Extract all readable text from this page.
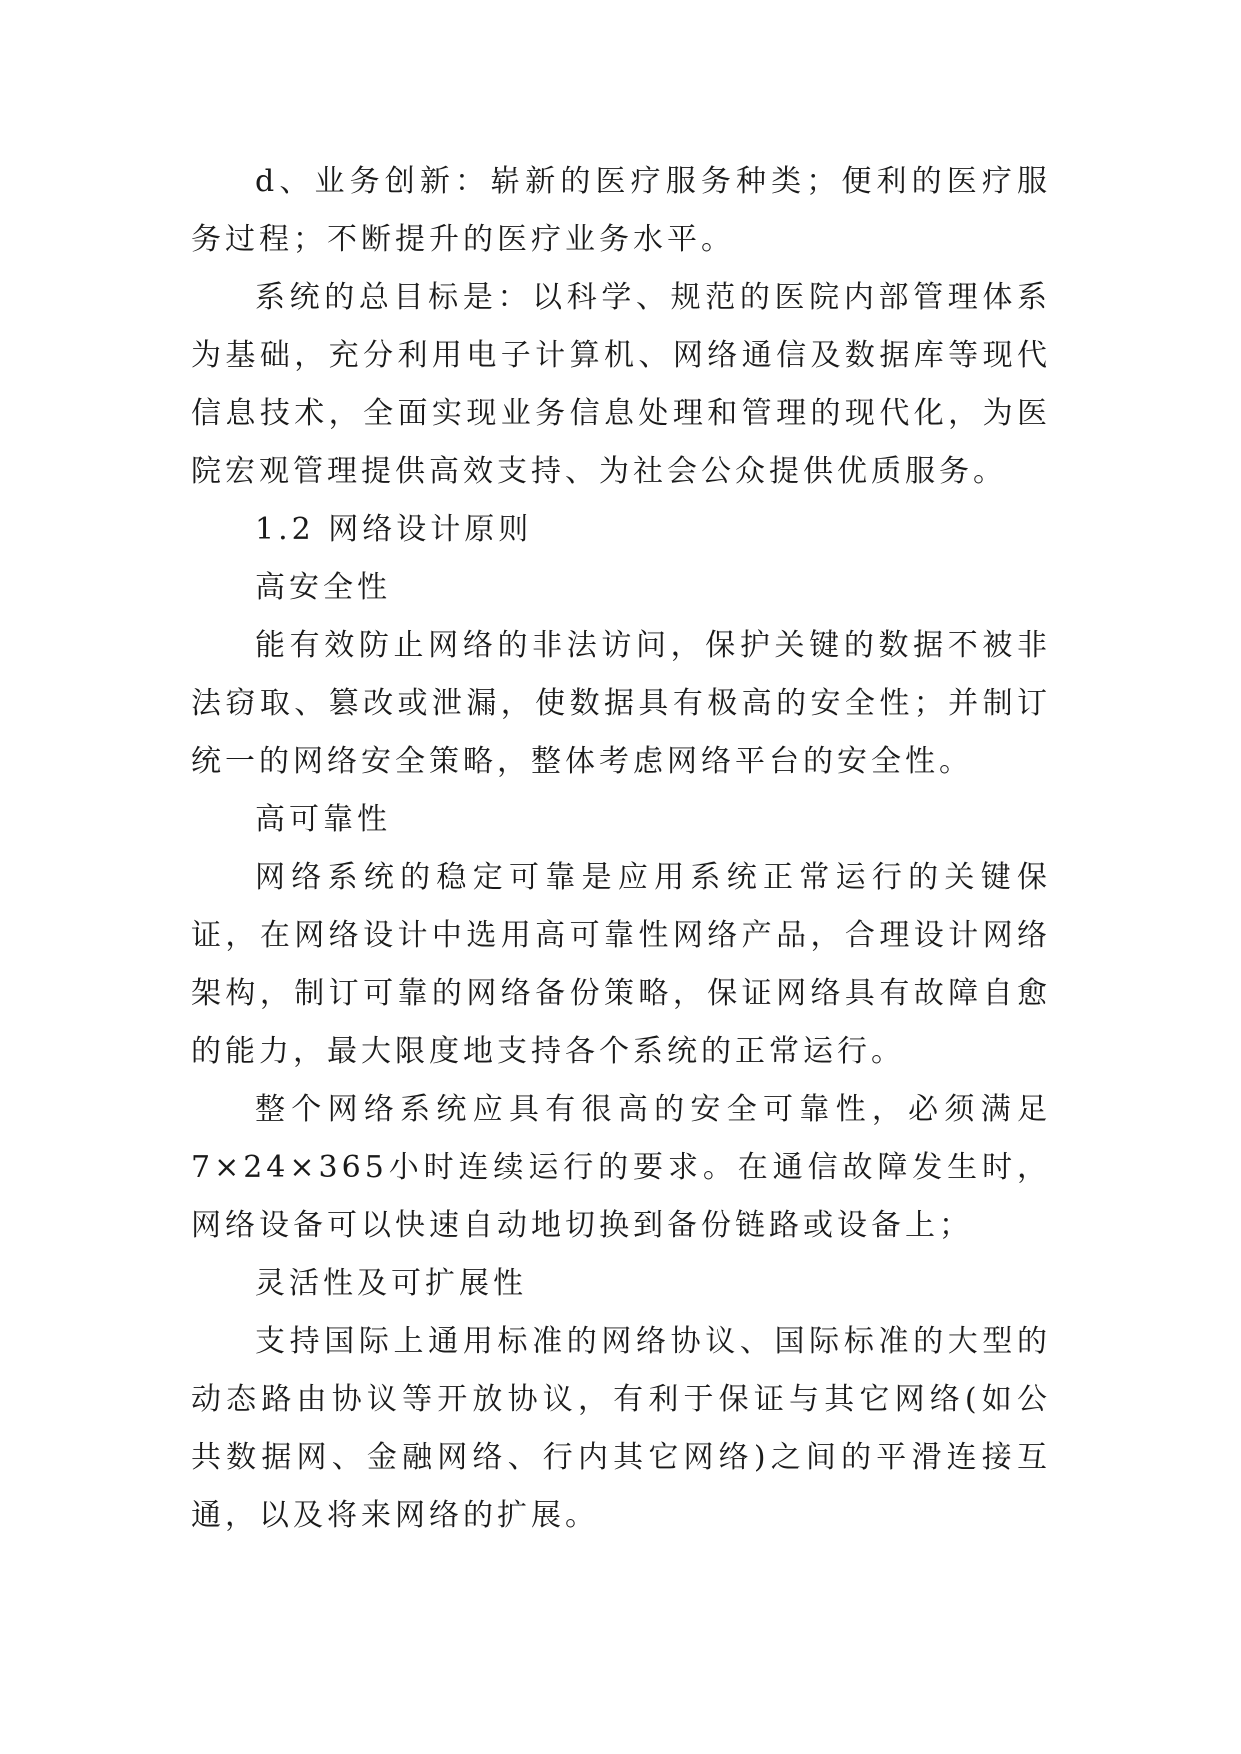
d、业务创新：崭新的医疗服务种类；便利的医疗服务过程；不断提升的医疗业务水平。

系统的总目标是：以科学、规范的医院内部管理体系为基础，充分利用电子计算机、网络通信及数据库等现代信息技术，全面实现业务信息处理和管理的现代化，为医院宏观管理提供高效支持、为社会公众提供优质服务。

1.2 网络设计原则

高安全性

能有效防止网络的非法访问，保护关键的数据不被非法窃取、篡改或泄漏，使数据具有极高的安全性；并制订统一的网络安全策略，整体考虑网络平台的安全性。

高可靠性

网络系统的稳定可靠是应用系统正常运行的关键保证，在网络设计中选用高可靠性网络产品，合理设计网络架构，制订可靠的网络备份策略，保证网络具有故障自愈的能力，最大限度地支持各个系统的正常运行。

整个网络系统应具有很高的安全可靠性，必须满足7×24×365小时连续运行的要求。在通信故障发生时，网络设备可以快速自动地切换到备份链路或设备上；

灵活性及可扩展性

支持国际上通用标准的网络协议、国际标准的大型的动态路由协议等开放协议，有利于保证与其它网络(如公共数据网、金融网络、行内其它网络)之间的平滑连接互通，以及将来网络的扩展。
